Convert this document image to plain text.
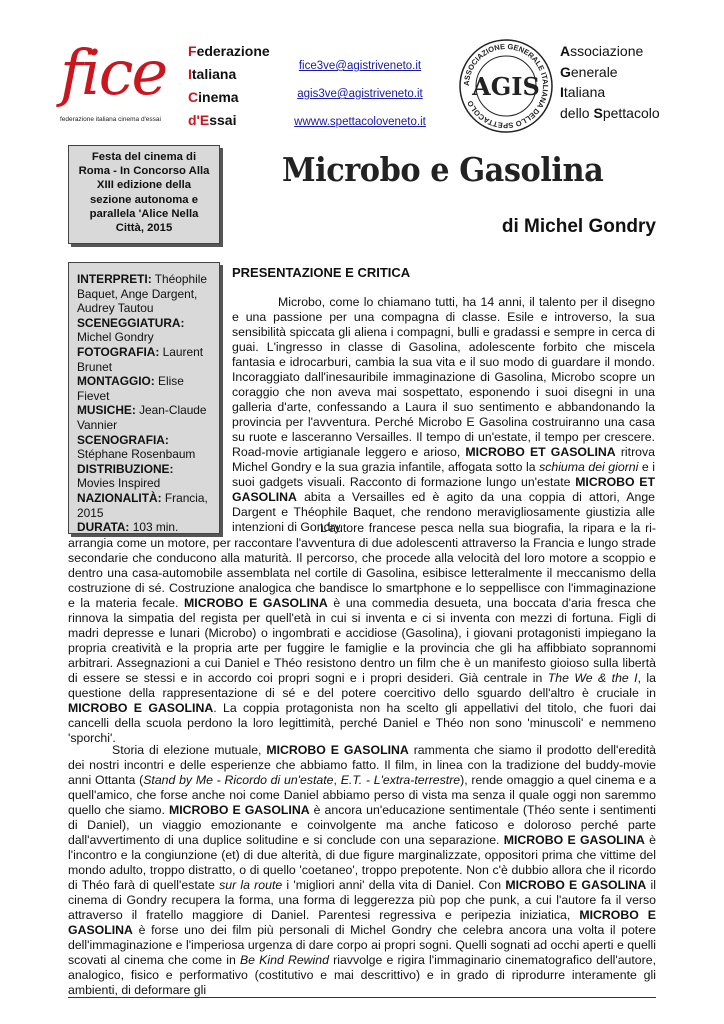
fice
federazione italiana cinema d'essai
Federazione
Italiana
Cinema
d'Essai
fice3ve@agistriveneto.it
agis3ve@agistriveneto.it
wwww.spettacoloveneto.it
ASSOCIAZIONE GENERALE ITALIANA DELLO SPETTACOLO
AGIS
Associazione
Generale
Italiana
dello Spettacolo
Festa del cinema di Roma - In Concorso Alla XIII edizione della sezione autonoma e parallela 'Alice Nella Città, 2015
Microbo e Gasolina
di Michel Gondry
INTERPRETI: Théophile Baquet, Ange Dargent, Audrey Tautou
SCENEGGIATURA:
Michel Gondry
FOTOGRAFIA: Laurent Brunet
MONTAGGIO: Elise Fievet
MUSICHE: Jean-Claude Vannier
SCENOGRAFIA:
Stéphane Rosenbaum
DISTRIBUZIONE:
Movies Inspired
NAZIONALITÀ: Francia, 2015
DURATA: 103 min.
PRESENTAZIONE E CRITICA
Microbo, come lo chiamano tutti, ha 14 anni, il talento per il disegno e una passione per una compagna di classe. Esile e introverso, la sua sensibilità spiccata gli aliena i compagni, bulli e gradassi e sempre in cerca di guai. L'ingresso in classe di Gasolina, adolescente forbito che miscela fantasia e idrocarburi, cambia la sua vita e il suo modo di guardare il mondo. Incoraggiato dall'inesauribile immaginazione di Gasolina, Microbo scopre un coraggio che non aveva mai sospettato, esponendo i suoi disegni in una galleria d'arte, confessando a Laura il suo sentimento e abbandonando la provincia per l'avventura. Perché Microbo E Gasolina costruiranno una casa su ruote e lasceranno Versailles. Il tempo di un'estate, il tempo per crescere. Road-movie artigianale leggero e arioso, MICROBO ET GASOLINA ritrova Michel Gondry e la sua grazia infantile, affogata sotto la schiuma dei giorni e i suoi gadgets visuali. Racconto di formazione lungo un'estate MICROBO ET GASOLINA abita a Versailles ed è agito da una coppia di attori, Ange Dargent e Théophile Baquet, che rendono meravigliosamente giustizia alle intenzioni di Gondry.
L'autore francese pesca nella sua biografia, la ripara e la ri-arrangia come un motore, per raccontare l'avventura di due adolescenti attraverso la Francia e lungo strade secondarie che conducono alla maturità. Il percorso, che procede alla velocità del loro motore a scoppio e dentro una casa-automobile assemblata nel cortile di Gasolina, esibisce letteralmente il meccanismo della costruzione di sé. Costruzione analogica che bandisce lo smartphone e lo seppellisce con l'immaginazione e la materia fecale. MICROBO E GASOLINA è una commedia desueta, una boccata d'aria fresca che rinnova la simpatia del regista per quell'età in cui si inventa e ci si inventa con mezzi di fortuna. Figli di madri depresse e lunari (Microbo) o ingombrati e accidiose (Gasolina), i giovani protagonisti impiegano la propria creatività e la propria arte per fuggire le famiglie e la provincia che gli ha affibbiato soprannomi arbitrari. Assegnazioni a cui Daniel e Théo resistono dentro un film che è un manifesto gioioso sulla libertà di essere se stessi e in accordo coi propri sogni e i propri desideri. Già centrale in The We & the I, la questione della rappresentazione di sé e del potere coercitivo dello sguardo dell'altro è cruciale in MICROBO E GASOLINA. La coppia protagonista non ha scelto gli appellativi del titolo, che fuori dai cancelli della scuola perdono la loro legittimità, perché Daniel e Théo non sono 'minuscoli' e nemmeno 'sporchi'.
Storia di elezione mutuale, MICROBO E GASOLINA rammenta che siamo il prodotto dell'eredità dei nostri incontri e delle esperienze che abbiamo fatto. Il film, in linea con la tradizione del buddy-movie anni Ottanta (Stand by Me - Ricordo di un'estate, E.T. - L'extra-terrestre), rende omaggio a quel cinema e a quell'amico, che forse anche noi come Daniel abbiamo perso di vista ma senza il quale oggi non saremmo quello che siamo. MICROBO E GASOLINA è ancora un'educazione sentimentale (Théo sente i sentimenti di Daniel), un viaggio emozionante e coinvolgente ma anche faticoso e doloroso perché parte dall'avvertimento di una duplice solitudine e si conclude con una separazione. MICROBO E GASOLINA è l'incontro e la congiunzione (et) di due alterità, di due figure marginalizzate, oppositori prima che vittime del mondo adulto, troppo distratto, o di quello 'coetaneo', troppo prepotente. Non c'è dubbio allora che il ricordo di Théo farà di quell'estate sur la route i 'migliori anni' della vita di Daniel. Con MICROBO E GASOLINA il cinema di Gondry recupera la forma, una forma di leggerezza più pop che punk, a cui l'autore fa il verso attraverso il fratello maggiore di Daniel. Parentesi regressiva e peripezia iniziatica, MICROBO E GASOLINA è forse uno dei film più personali di Michel Gondry che celebra ancora una volta il potere dell'immaginazione e l'imperiosa urgenza di dare corpo ai propri sogni. Quelli sognati ad occhi aperti e quelli scovati al cinema che come in Be Kind Rewind riavvolge e rigira l'immaginario cinematografico dell'autore, analogico, fisico e performativo (costitutivo e mai descrittivo) e in grado di riprodurre interamente gli ambienti, di deformare gli
